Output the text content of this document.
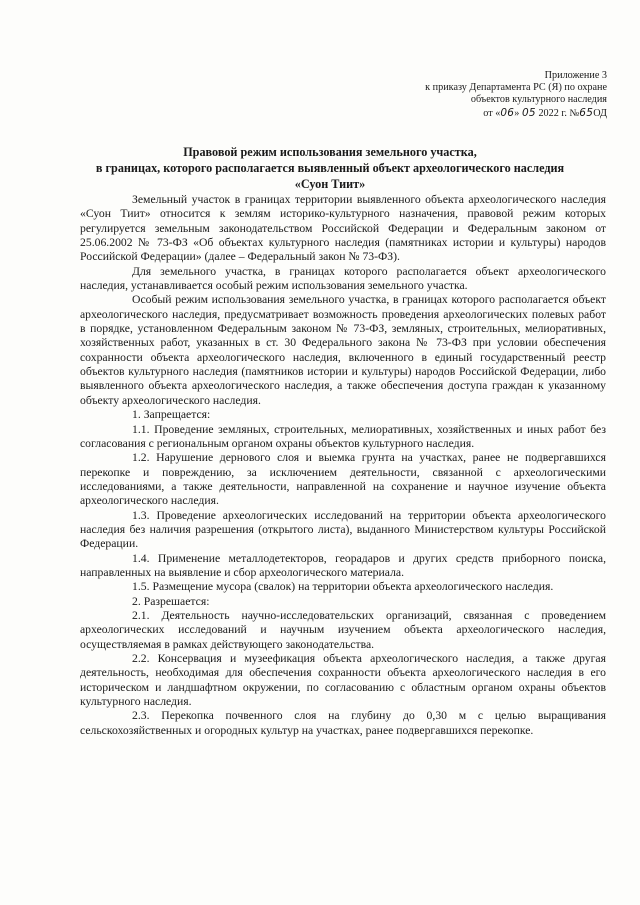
Приложение 3
к приказу Департамента РС (Я) по охране
объектов культурного наследия
от «06» 05 2022 г. №65ОД
Правовой режим использования земельного участка,
в границах, которого располагается выявленный объект археологического наследия
«Суон Тиит»

Земельный участок в границах территории выявленного объекта археологического наследия «Суон Тиит» относится к землям историко-культурного назначения, правовой режим которых регулируется земельным законодательством Российской Федерации и Федеральным законом от 25.06.2002 № 73-ФЗ «Об объектах культурного наследия (памятниках истории и культуры) народов Российской Федерации» (далее – Федеральный закон № 73-ФЗ).

Для земельного участка, в границах которого располагается объект археологического наследия, устанавливается особый режим использования земельного участка.

Особый режим использования земельного участка, в границах которого располагается объект археологического наследия, предусматривает возможность проведения археологических полевых работ в порядке, установленном Федеральным законом № 73-ФЗ, земляных, строительных, мелиоративных, хозяйственных работ, указанных в ст. 30 Федерального закона № 73-ФЗ при условии обеспечения сохранности объекта археологического наследия, включенного в единый государственный реестр объектов культурного наследия (памятников истории и культуры) народов Российской Федерации, либо выявленного объекта археологического наследия, а также обеспечения доступа граждан к указанному объекту археологического наследия.

1. Запрещается:

1.1. Проведение земляных, строительных, мелиоративных, хозяйственных и иных работ без согласования с региональным органом охраны объектов культурного наследия.

1.2. Нарушение дернового слоя и выемка грунта на участках, ранее не подвергавшихся перекопке и повреждению, за исключением деятельности, связанной с археологическими исследованиями, а также деятельности, направленной на сохранение и научное изучение объекта археологического наследия.

1.3. Проведение археологических исследований на территории объекта археологического наследия без наличия разрешения (открытого листа), выданного Министерством культуры Российской Федерации.

1.4. Применение металлодетекторов, георадаров и других средств приборного поиска, направленных на выявление и сбор археологического материала.

1.5. Размещение мусора (свалок) на территории объекта археологического наследия.

2. Разрешается:

2.1. Деятельность научно-исследовательских организаций, связанная с проведением археологических исследований и научным изучением объекта археологического наследия, осуществляемая в рамках действующего законодательства.

2.2. Консервация и музеефикация объекта археологического наследия, а также другая деятельность, необходимая для обеспечения сохранности объекта археологического наследия в его историческом и ландшафтном окружении, по согласованию с областным органом охраны объектов культурного наследия.

2.3. Перекопка почвенного слоя на глубину до 0,30 м с целью выращивания сельскохозяйственных и огородных культур на участках, ранее подвергавшихся перекопке.
